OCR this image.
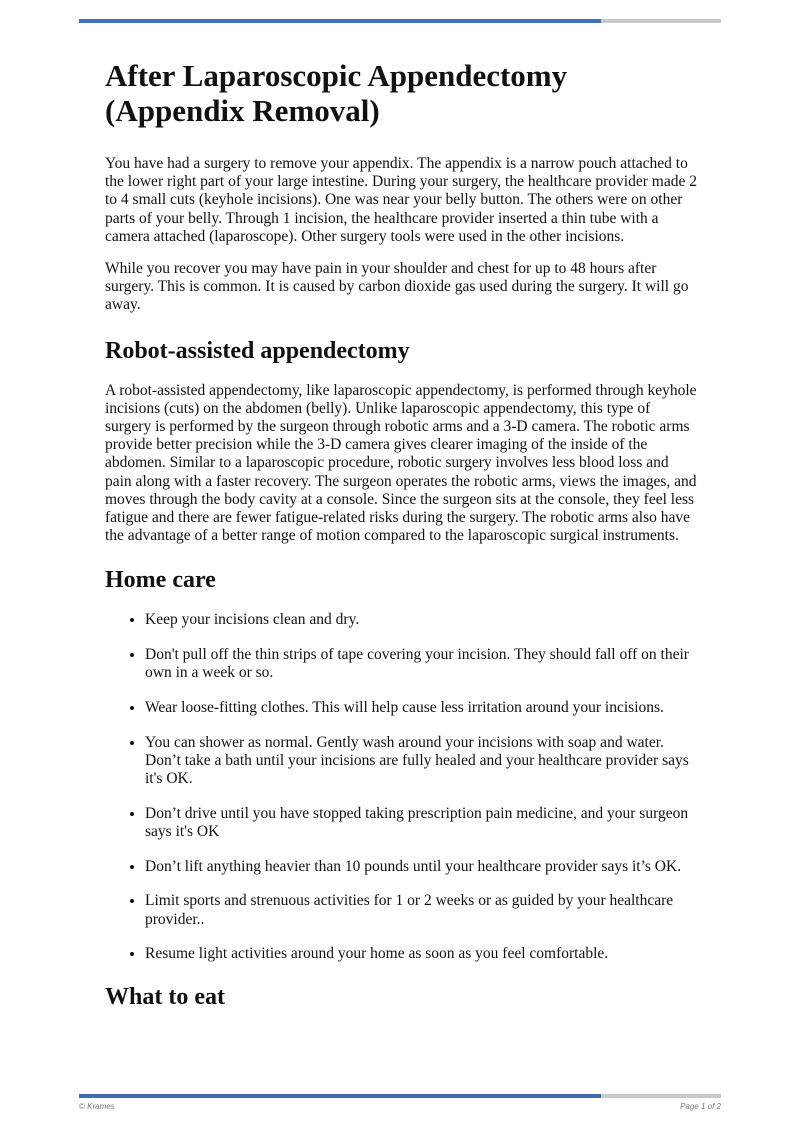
After Laparoscopic Appendectomy (Appendix Removal)

You have had a surgery to remove your appendix. The appendix is a narrow pouch attached to the lower right part of your large intestine. During your surgery, the healthcare provider made 2 to 4 small cuts (keyhole incisions). One was near your belly button. The others were on other parts of your belly. Through 1 incision, the healthcare provider inserted a thin tube with a camera attached (laparoscope). Other surgery tools were used in the other incisions.

While you recover you may have pain in your shoulder and chest for up to 48 hours after surgery. This is common. It is caused by carbon dioxide gas used during the surgery. It will go away.

Robot-assisted appendectomy

A robot-assisted appendectomy, like laparoscopic appendectomy, is performed through keyhole incisions (cuts) on the abdomen (belly). Unlike laparoscopic appendectomy, this type of surgery is performed by the surgeon through robotic arms and a 3-D camera. The robotic arms provide better precision while the 3-D camera gives clearer imaging of the inside of the abdomen. Similar to a laparoscopic procedure, robotic surgery involves less blood loss and pain along with a faster recovery. The surgeon operates the robotic arms, views the images, and moves through the body cavity at a console. Since the surgeon sits at the console, they feel less fatigue and there are fewer fatigue-related risks during the surgery. The robotic arms also have the advantage of a better range of motion compared to the laparoscopic surgical instruments.

Home care
• Keep your incisions clean and dry.
• Don't pull off the thin strips of tape covering your incision. They should fall off on their own in a week or so.
• Wear loose-fitting clothes. This will help cause less irritation around your incisions.
• You can shower as normal. Gently wash around your incisions with soap and water. Don’t take a bath until your incisions are fully healed and your healthcare provider says it's OK.
• Don’t drive until you have stopped taking prescription pain medicine, and your surgeon says it's OK
• Don’t lift anything heavier than 10 pounds until your healthcare provider says it’s OK.
• Limit sports and strenuous activities for 1 or 2 weeks or as guided by your healthcare provider..
• Resume light activities around your home as soon as you feel comfortable.
What to eat
© Krames	Page 1 of 2
